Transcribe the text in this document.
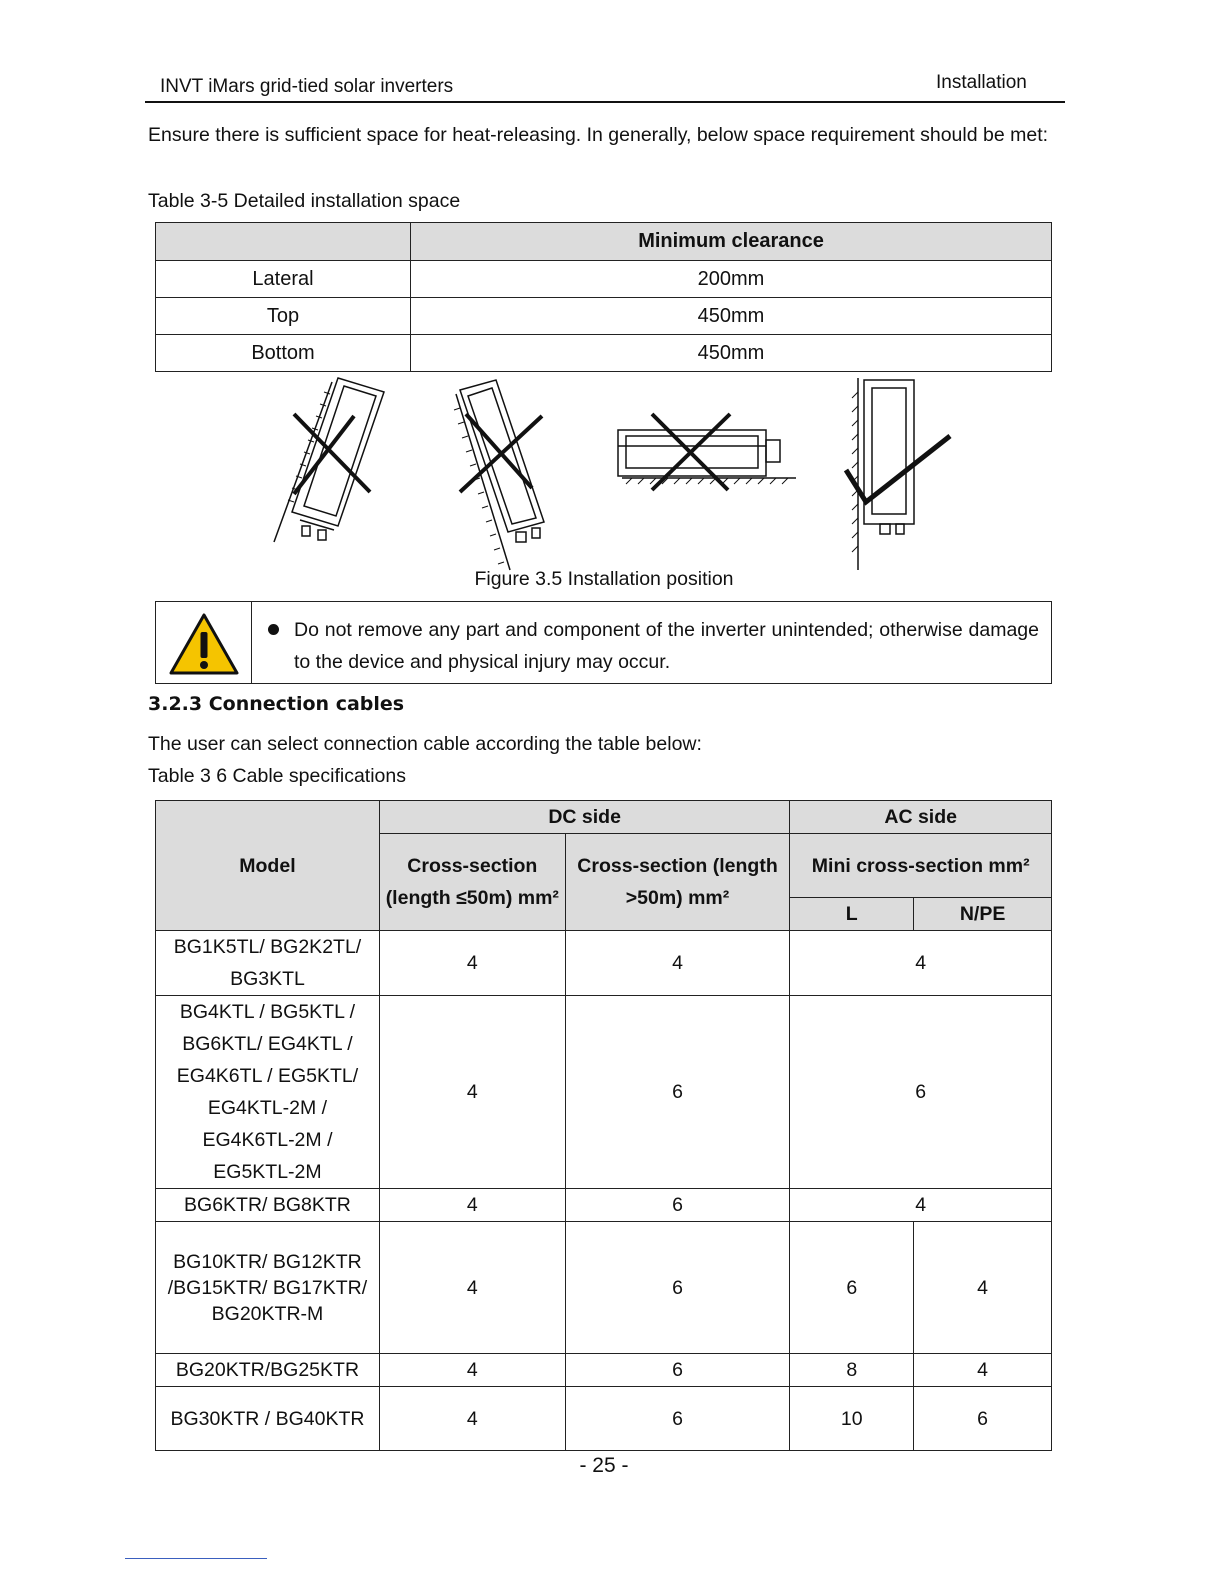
INVT iMars grid-tied solar inverters	Installation
Ensure there is sufficient space for heat-releasing. In generally, below space requirement should be met:
Table 3-5 Detailed installation space
	Minimum clearance
Lateral	200mm
Top	450mm
Bottom	450mm
Figure 3.5 Installation position
Do not remove any part and component of the inverter unintended; otherwise damage to the device and physical injury may occur.
3.2.3 Connection cables
The user can select connection cable according the table below:
Table 3 6 Cable specifications
Model	DC side		AC side	
	Cross-section (length ≤50m) mm²	Cross-section (length >50m) mm²	Mini cross-section mm²	
			L	N/PE
BG1K5TL/ BG2K2TL/ BG3KTL	4	4	4	
BG4KTL / BG5KTL / BG6KTL/ EG4KTL / EG4K6TL / EG5KTL/ EG4KTL-2M / EG4K6TL-2M / EG5KTL-2M	4	6	6	
BG6KTR/ BG8KTR	4	6	4	
BG10KTR/ BG12KTR /BG15KTR/ BG17KTR/ BG20KTR-M	4	6	6	4
BG20KTR/BG25KTR	4	6	8	4
BG30KTR / BG40KTR	4	6	10	6
- 25 -
